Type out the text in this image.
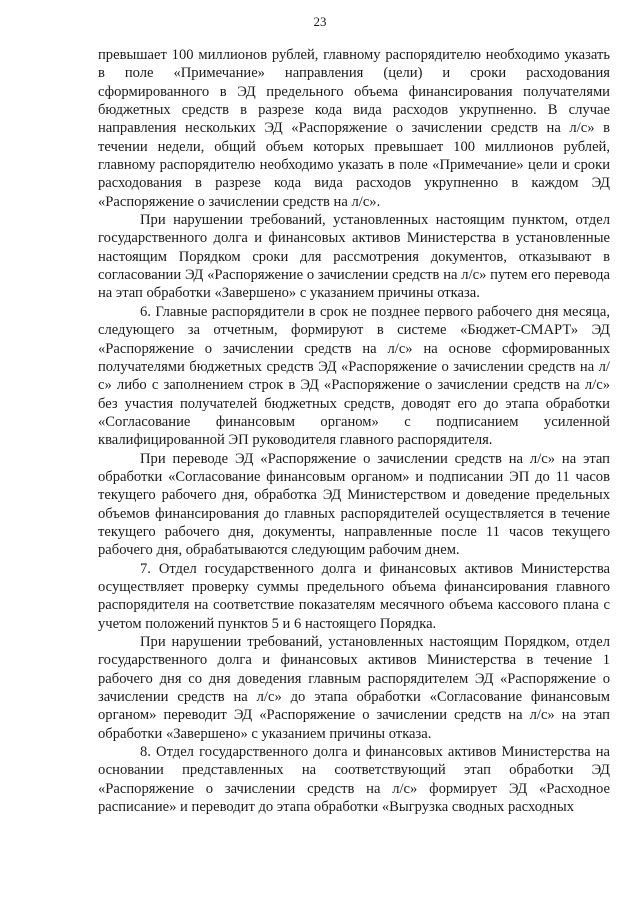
23

превышает 100 миллионов рублей, главному распорядителю необходимо указать в поле «Примечание» направления (цели) и сроки расходования сформированного в ЭД предельного объема финансирования получателями бюджетных средств в разрезе кода вида расходов укрупненно. В случае направления нескольких ЭД «Распоряжение о зачислении средств на л/с» в течении недели, общий объем которых превышает 100 миллионов рублей, главному распорядителю необходимо указать в поле «Примечание» цели и сроки расходования в разрезе кода вида расходов укрупненно в каждом ЭД «Распоряжение о зачислении средств на л/с».

При нарушении требований, установленных настоящим пунктом, отдел государственного долга и финансовых активов Министерства в установленные настоящим Порядком сроки для рассмотрения документов, отказывают в согласовании ЭД «Распоряжение о зачислении средств на л/с» путем его перевода на этап обработки «Завершено» с указанием причины отказа.

6. Главные распорядители в срок не позднее первого рабочего дня месяца, следующего за отчетным, формируют в системе «Бюджет-СМАРТ» ЭД «Распоряжение о зачислении средств на л/с» на основе сформированных получателями бюджетных средств ЭД «Распоряжение о зачислении средств на л/с» либо с заполнением строк в ЭД «Распоряжение о зачислении средств на л/с» без участия получателей бюджетных средств, доводят его до этапа обработки «Согласование финансовым органом» с подписанием усиленной квалифицированной ЭП руководителя главного распорядителя.

При переводе ЭД «Распоряжение о зачислении средств на л/с» на этап обработки «Согласование финансовым органом» и подписании ЭП до 11 часов текущего рабочего дня, обработка ЭД Министерством и доведение предельных объемов финансирования до главных распорядителей осуществляется в течение текущего рабочего дня, документы, направленные после 11 часов текущего рабочего дня, обрабатываются следующим рабочим днем.

7. Отдел государственного долга и финансовых активов Министерства осуществляет проверку суммы предельного объема финансирования главного распорядителя на соответствие показателям месячного объема кассового плана с учетом положений пунктов 5 и 6 настоящего Порядка.

При нарушении требований, установленных настоящим Порядком, отдел государственного долга и финансовых активов Министерства в течение 1 рабочего дня со дня доведения главным распорядителем ЭД «Распоряжение о зачислении средств на л/с» до этапа обработки «Согласование финансовым органом» переводит ЭД «Распоряжение о зачислении средств на л/с» на этап обработки «Завершено» с указанием причины отказа.

8. Отдел государственного долга и финансовых активов Министерства на основании представленных на соответствующий этап обработки ЭД «Распоряжение о зачислении средств на л/с» формирует ЭД «Расходное расписание» и переводит до этапа обработки «Выгрузка сводных расходных
